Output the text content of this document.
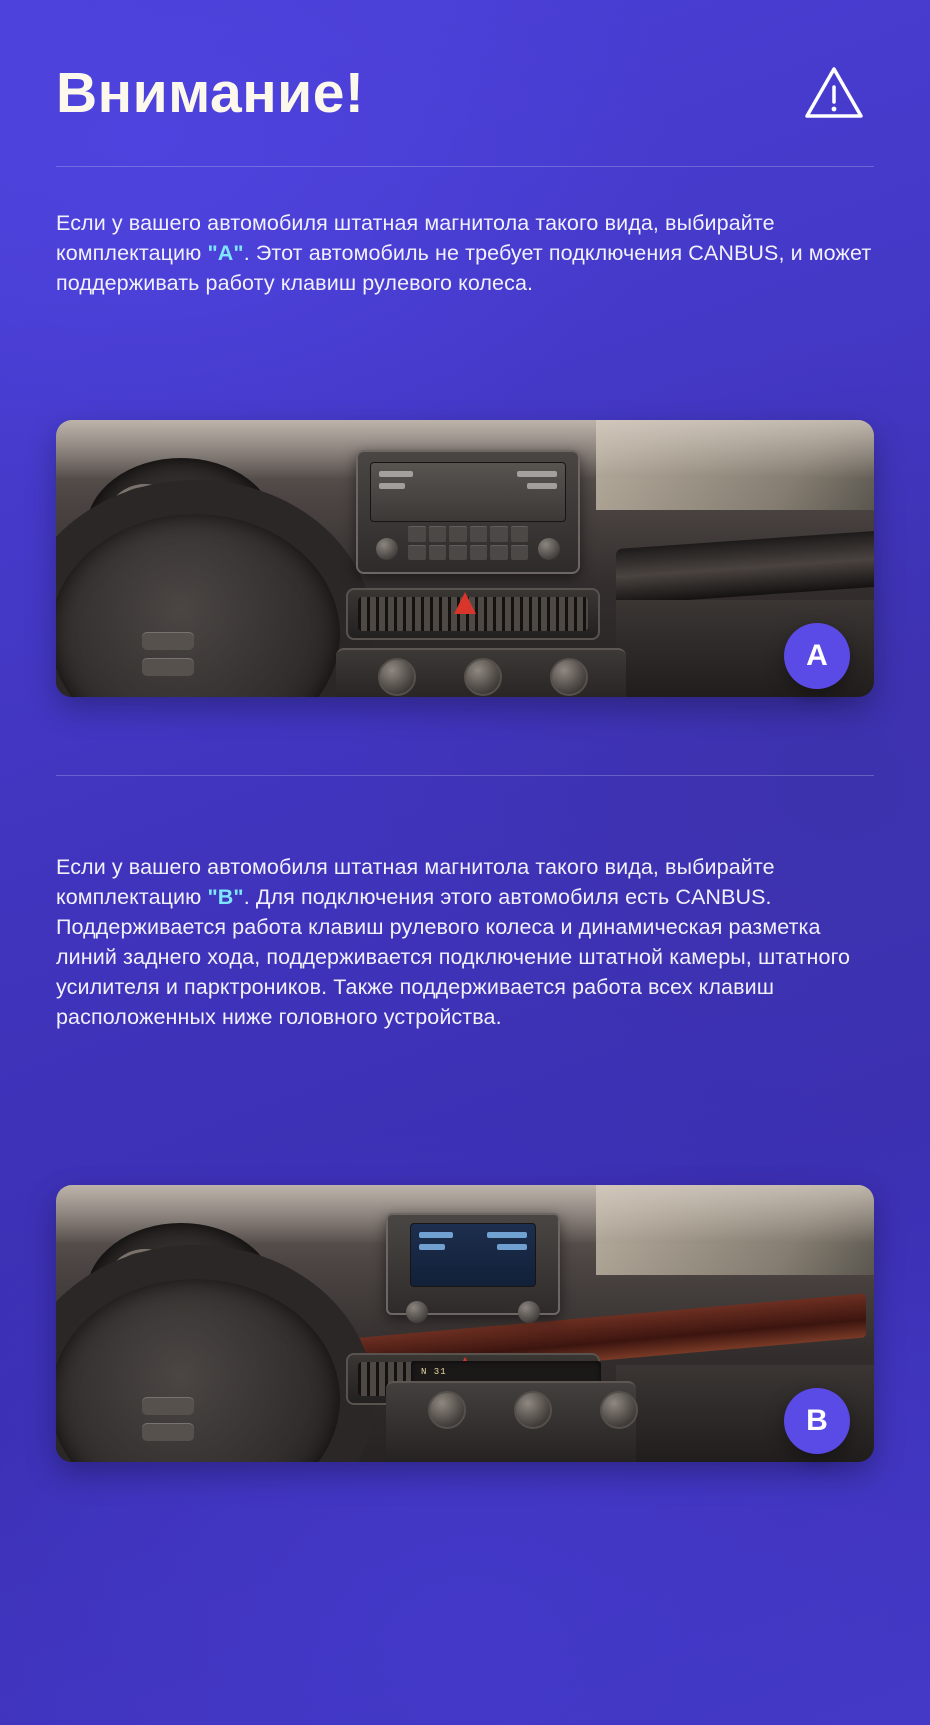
Внимание!
Если у вашего автомобиля штатная магнитола такого вида, выбирайте комплектацию "A". Этот автомобиль не требует подключения CANBUS, и может поддерживать работу клавиш рулевого колеса.
A
Если у вашего автомобиля штатная магнитола такого вида, выбирайте комплектацию "B". Для подключения этого автомобиля есть CANBUS. Поддерживается работа клавиш рулевого колеса и динамическая разметка линий заднего хода, поддерживается подключение штатной камеры, штатного усилителя и парктроников. Также поддерживается работа всех клавиш расположенных ниже головного устройства.
N 31
B
